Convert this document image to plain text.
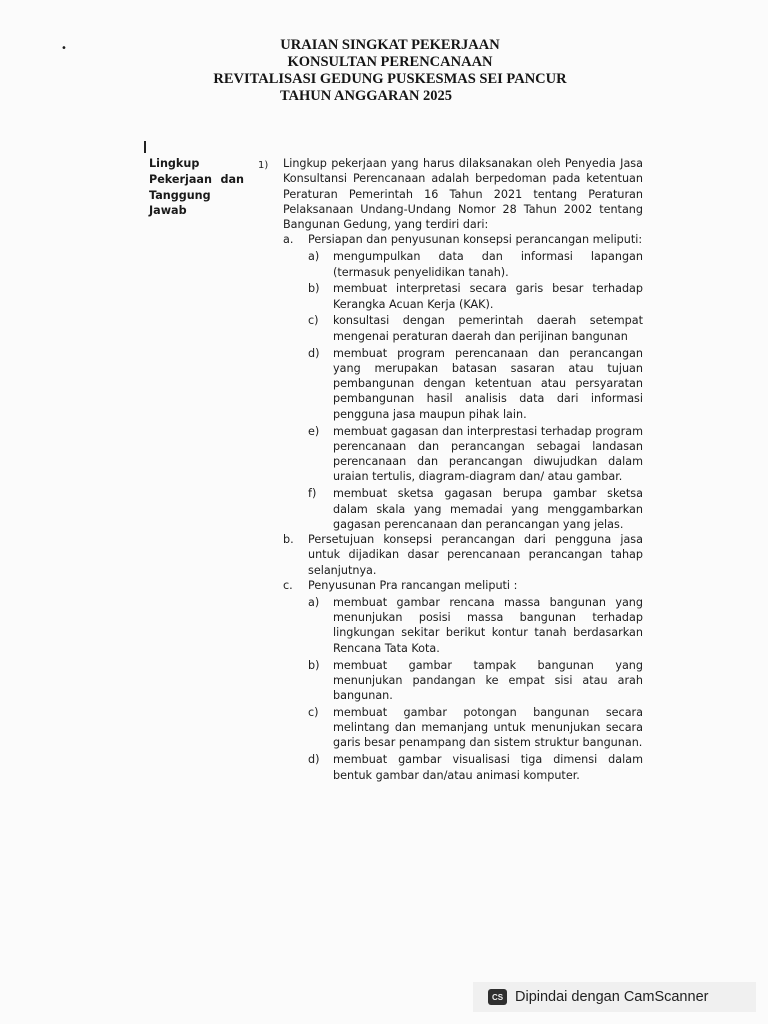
•	URAIAN SINGKAT PEKERJAAN
KONSULTAN PERENCANAAN
REVITALISASI GEDUNG PUSKESMAS SEI PANCUR
TAHUN ANGGARAN 2025
Lingkup
Pekerjaan dan
Tanggung
Jawab
1) Lingkup pekerjaan yang harus dilaksanakan oleh Penyedia Jasa Konsultansi Perencanaan adalah berpedoman pada ketentuan Peraturan Pemerintah 16 Tahun 2021 tentang Peraturan Pelaksanaan Undang-Undang Nomor 28 Tahun 2002 tentang Bangunan Gedung, yang terdiri dari:
a. Persiapan dan penyusunan konsepsi perancangan meliputi:
a) mengumpulkan data dan informasi lapangan (termasuk penyelidikan tanah).
b) membuat interpretasi secara garis besar terhadap Kerangka Acuan Kerja (KAK).
c) konsultasi dengan pemerintah daerah setempat mengenai peraturan daerah dan perijinan bangunan
d) membuat program perencanaan dan perancangan yang merupakan batasan sasaran atau tujuan pembangunan dengan ketentuan atau persyaratan pembangunan hasil analisis data dari informasi pengguna jasa maupun pihak lain.
e) membuat gagasan dan interprestasi terhadap program perencanaan dan perancangan sebagai landasan perencanaan dan perancangan diwujudkan dalam uraian tertulis, diagram-diagram dan/ atau gambar.
f) membuat sketsa gagasan berupa gambar sketsa dalam skala yang memadai yang menggambarkan gagasan perencanaan dan perancangan yang jelas.
b. Persetujuan konsepsi perancangan dari pengguna jasa untuk dijadikan dasar perencanaan perancangan tahap selanjutnya.
c. Penyusunan Pra rancangan meliputi :
a) membuat gambar rencana massa bangunan yang menunjukan posisi massa bangunan terhadap lingkungan sekitar berikut kontur tanah berdasarkan Rencana Tata Kota.
b) membuat gambar tampak bangunan yang menunjukan pandangan ke empat sisi atau arah bangunan.
c) membuat gambar potongan bangunan secara melintang dan memanjang untuk menunjukan secara garis besar penampang dan sistem struktur bangunan.
d) membuat gambar visualisasi tiga dimensi dalam bentuk gambar dan/atau animasi komputer.
CS Dipindai dengan CamScanner
